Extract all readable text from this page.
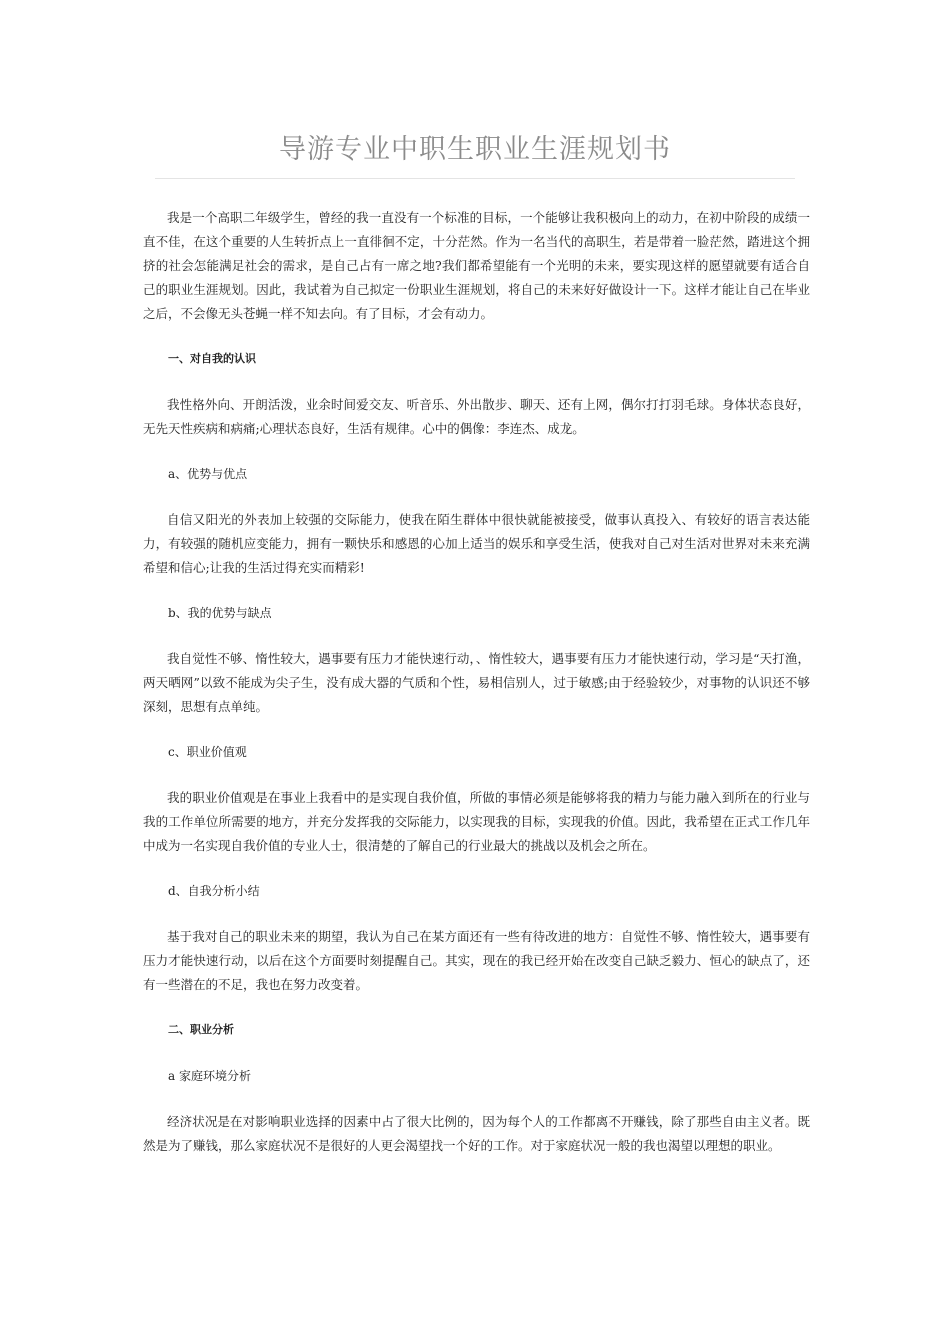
导游专业中职生职业生涯规划书

我是一个高职二年级学生，曾经的我一直没有一个标准的目标，一个能够让我积极向上的动力，在初中阶段的成绩一直不佳，在这个重要的人生转折点上一直徘徊不定，十分茫然。作为一名当代的高职生，若是带着一脸茫然，踏进这个拥挤的社会怎能满足社会的需求，是自己占有一席之地?我们都希望能有一个光明的未来，要实现这样的愿望就要有适合自己的职业生涯规划。因此，我试着为自己拟定一份职业生涯规划，将自己的未来好好做设计一下。这样才能让自己在毕业之后，不会像无头苍蝇一样不知去向。有了目标，才会有动力。

一、对自我的认识

我性格外向、开朗活泼，业余时间爱交友、听音乐、外出散步、聊天、还有上网，偶尔打打羽毛球。身体状态良好，无先天性疾病和病痛;心理状态良好，生活有规律。心中的偶像：李连杰、成龙。

a、优势与优点

自信又阳光的外表加上较强的交际能力，使我在陌生群体中很快就能被接受，做事认真投入、有较好的语言表达能力，有较强的随机应变能力，拥有一颗快乐和感恩的心加上适当的娱乐和享受生活，使我对自己对生活对世界对未来充满希望和信心;让我的生活过得充实而精彩!

b、我的优势与缺点

我自觉性不够、惰性较大，遇事要有压力才能快速行动，、惰性较大，遇事要有压力才能快速行动，学习是“天打渔，两天晒网”以致不能成为尖子生，没有成大器的气质和个性，易相信别人，过于敏感;由于经验较少，对事物的认识还不够深刻，思想有点单纯。

c、职业价值观

我的职业价值观是在事业上我看中的是实现自我价值，所做的事情必须是能够将我的精力与能力融入到所在的行业与我的工作单位所需要的地方，并充分发挥我的交际能力，以实现我的目标，实现我的价值。因此，我希望在正式工作几年中成为一名实现自我价值的专业人士，很清楚的了解自己的行业最大的挑战以及机会之所在。

d、自我分析小结

基于我对自己的职业未来的期望，我认为自己在某方面还有一些有待改进的地方：自觉性不够、惰性较大，遇事要有压力才能快速行动，以后在这个方面要时刻提醒自己。其实，现在的我已经开始在改变自己缺乏毅力、恒心的缺点了，还有一些潜在的不足，我也在努力改变着。

二、职业分析

a 家庭环境分析

经济状况是在对影响职业选择的因素中占了很大比例的，因为每个人的工作都离不开赚钱，除了那些自由主义者。既然是为了赚钱，那么家庭状况不是很好的人更会渴望找一个好的工作。对于家庭状况一般的我也渴望以理想的职业。
